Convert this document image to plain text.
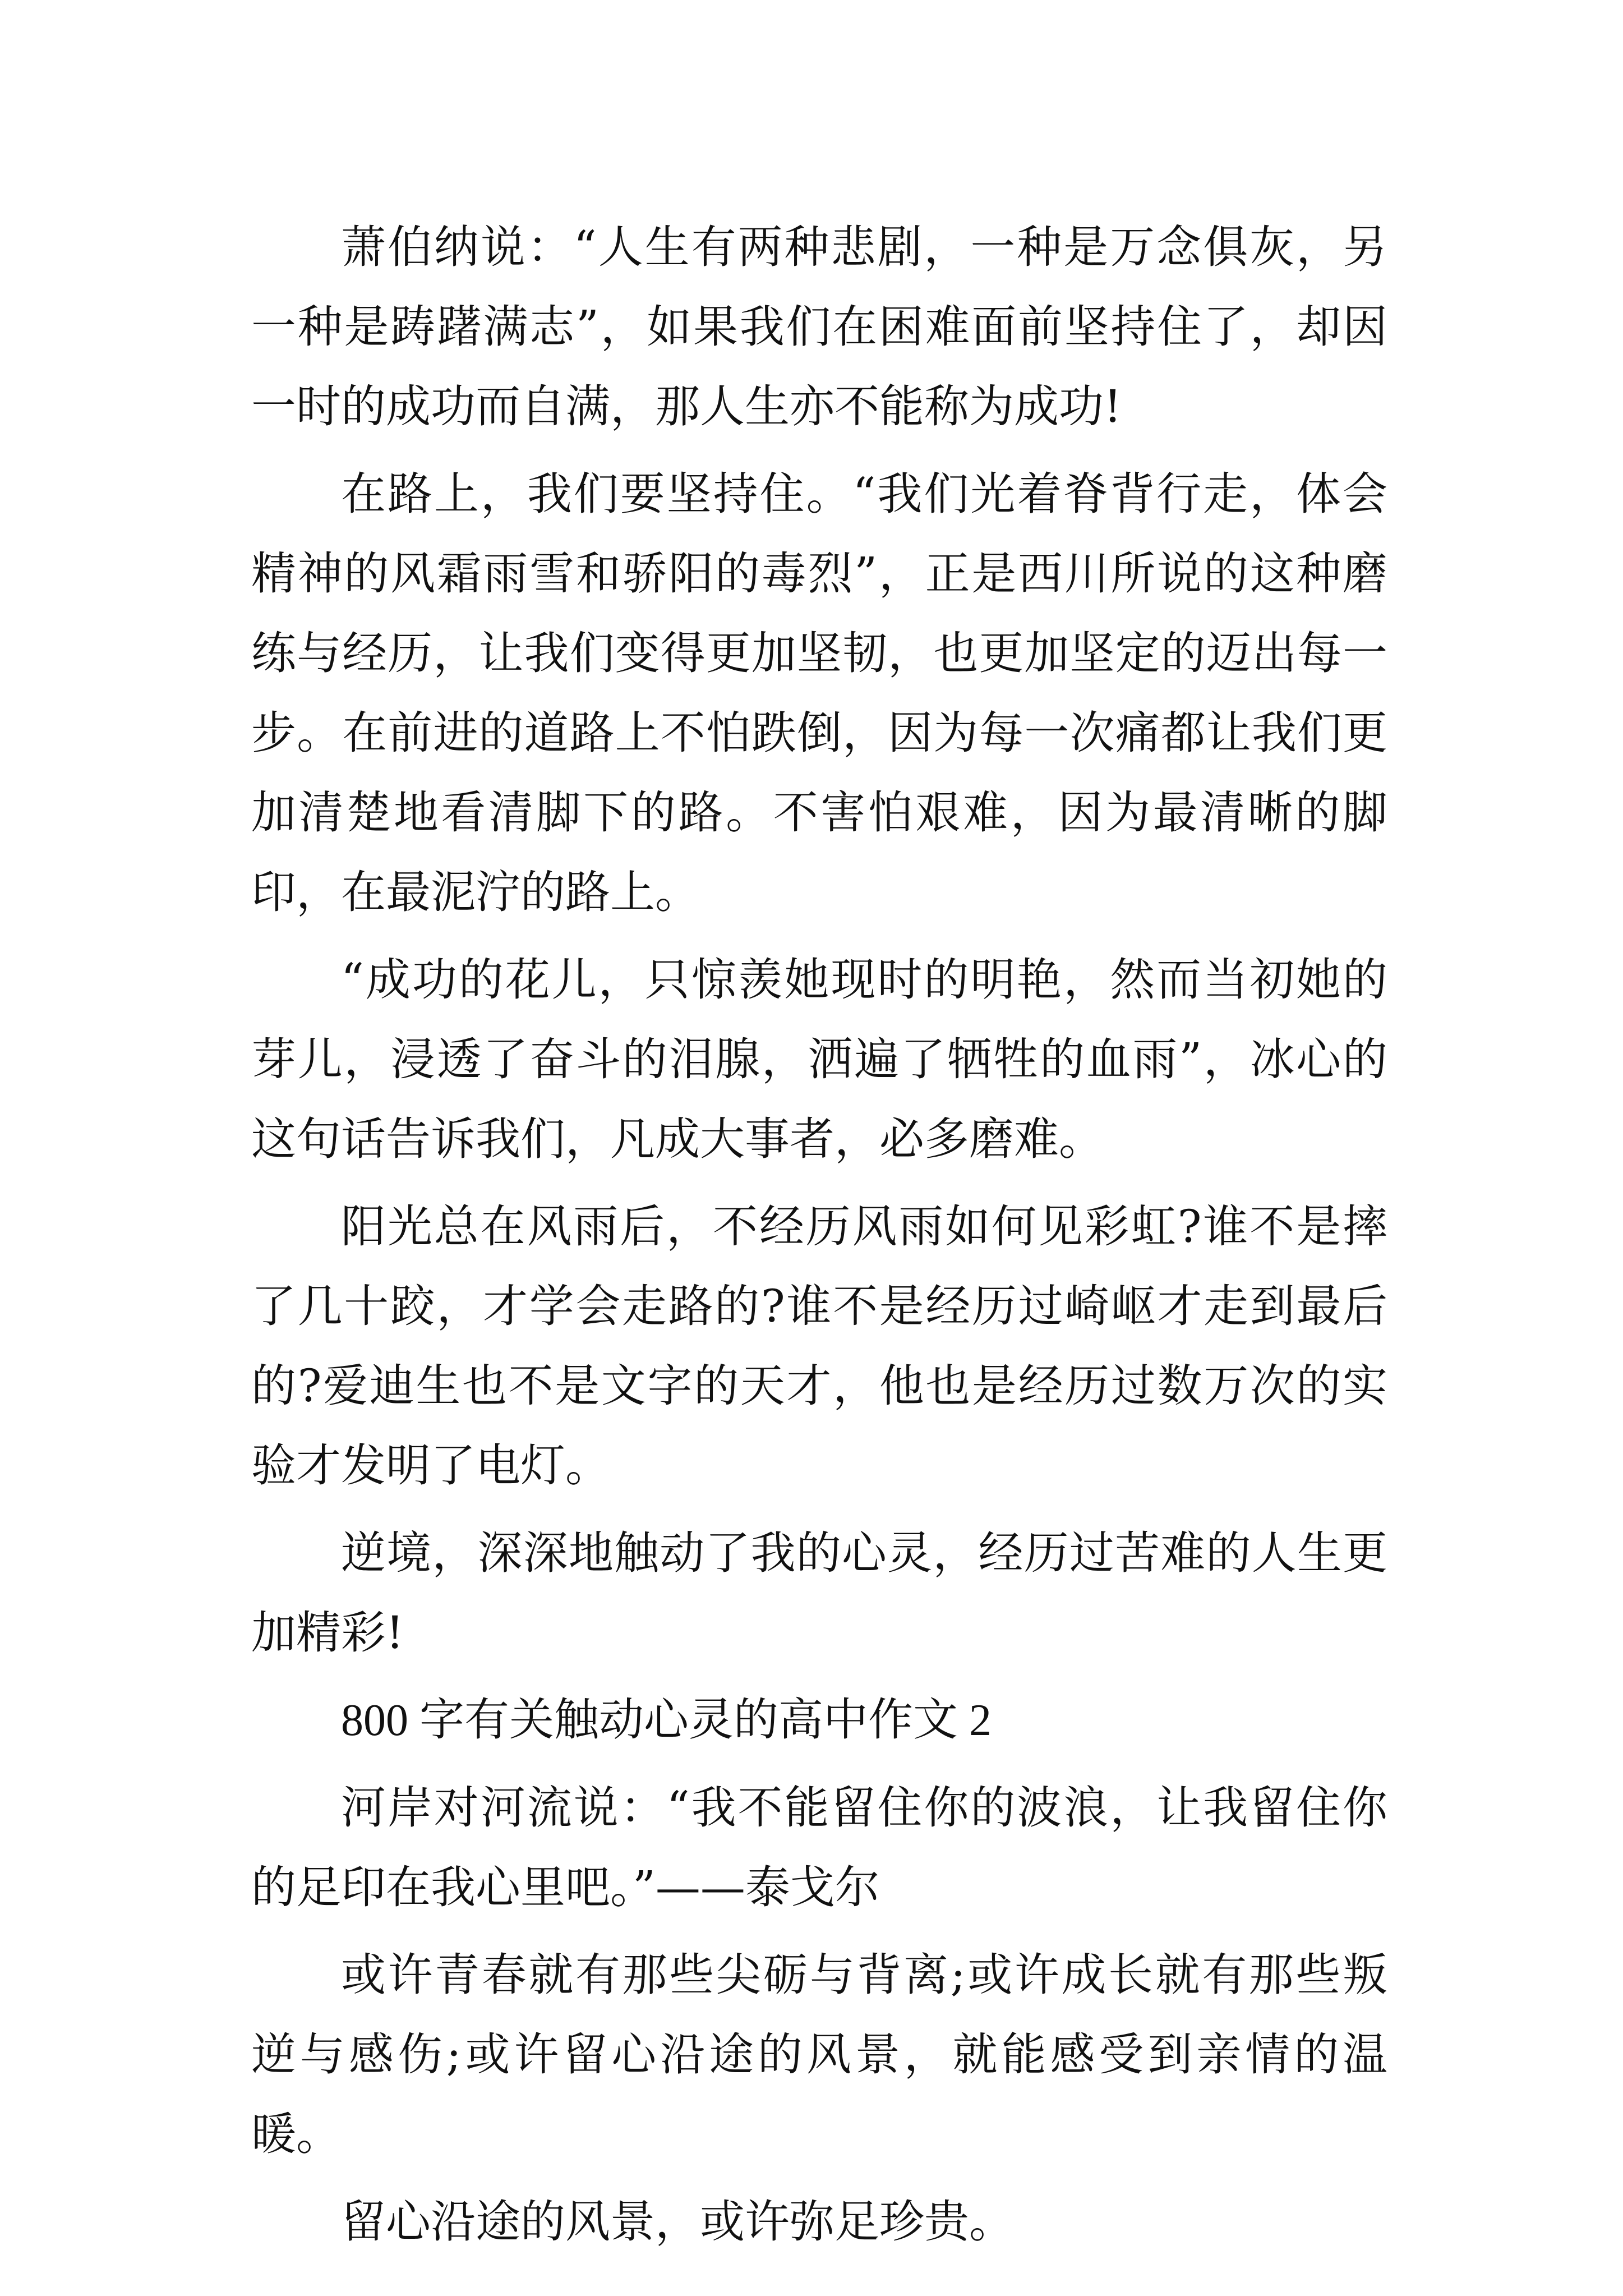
萧伯纳说：“人生有两种悲剧，一种是万念俱灰，另一种是踌躇满志”，如果我们在困难面前坚持住了，却因一时的成功而自满，那人生亦不能称为成功!

在路上，我们要坚持住。“我们光着脊背行走，体会精神的风霜雨雪和骄阳的毒烈”，正是西川所说的这种磨练与经历，让我们变得更加坚韧，也更加坚定的迈出每一步。在前进的道路上不怕跌倒，因为每一次痛都让我们更加清楚地看清脚下的路。不害怕艰难，因为最清晰的脚印，在最泥泞的路上。

“成功的花儿，只惊羡她现时的明艳，然而当初她的芽儿，浸透了奋斗的泪腺，洒遍了牺牲的血雨”，冰心的这句话告诉我们，凡成大事者，必多磨难。

阳光总在风雨后，不经历风雨如何见彩虹?谁不是摔了几十跤，才学会走路的?谁不是经历过崎岖才走到最后的?爱迪生也不是文字的天才，他也是经历过数万次的实验才发明了电灯。

逆境，深深地触动了我的心灵，经历过苦难的人生更加精彩!

800 字有关触动心灵的高中作文 2

河岸对河流说：“我不能留住你的波浪，让我留住你的足印在我心里吧。”——泰戈尔

或许青春就有那些尖砺与背离;或许成长就有那些叛逆与感伤;或许留心沿途的风景，就能感受到亲情的温暖。

留心沿途的风景，或许弥足珍贵。
